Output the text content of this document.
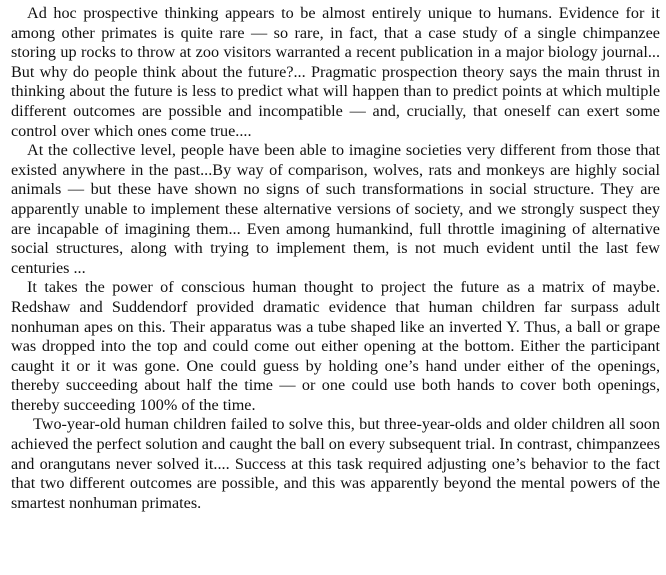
Ad hoc prospective thinking appears to be almost entirely unique to humans. Evidence for it among other primates is quite rare — so rare, in fact, that a case study of a single chimpanzee storing up rocks to throw at zoo visitors warranted a recent publication in a major biology journal... But why do people think about the future?... Pragmatic prospection theory says the main thrust in thinking about the future is less to predict what will happen than to predict points at which multiple different outcomes are possible and incompatible — and, crucially, that oneself can exert some control over which ones come true....

At the collective level, people have been able to imagine societies very different from those that existed anywhere in the past...By way of comparison, wolves, rats and monkeys are highly social animals — but these have shown no signs of such transformations in social structure. They are apparently unable to implement these alternative versions of society, and we strongly suspect they are incapable of imagining them... Even among humankind, full throttle imagining of alternative social structures, along with trying to implement them, is not much evident until the last few centuries ...

It takes the power of conscious human thought to project the future as a matrix of maybe. Redshaw and Suddendorf provided dramatic evidence that human children far surpass adult nonhuman apes on this. Their apparatus was a tube shaped like an inverted Y. Thus, a ball or grape was dropped into the top and could come out either opening at the bottom. Either the participant caught it or it was gone. One could guess by holding one’s hand under either of the openings, thereby succeeding about half the time — or one could use both hands to cover both openings, thereby succeeding 100% of the time.

Two-year-old human children failed to solve this, but three-year-olds and older children all soon achieved the perfect solution and caught the ball on every subsequent trial. In contrast, chimpanzees and orangutans never solved it.... Success at this task required adjusting one’s behavior to the fact that two different outcomes are possible, and this was apparently beyond the mental powers of the smartest nonhuman primates.
